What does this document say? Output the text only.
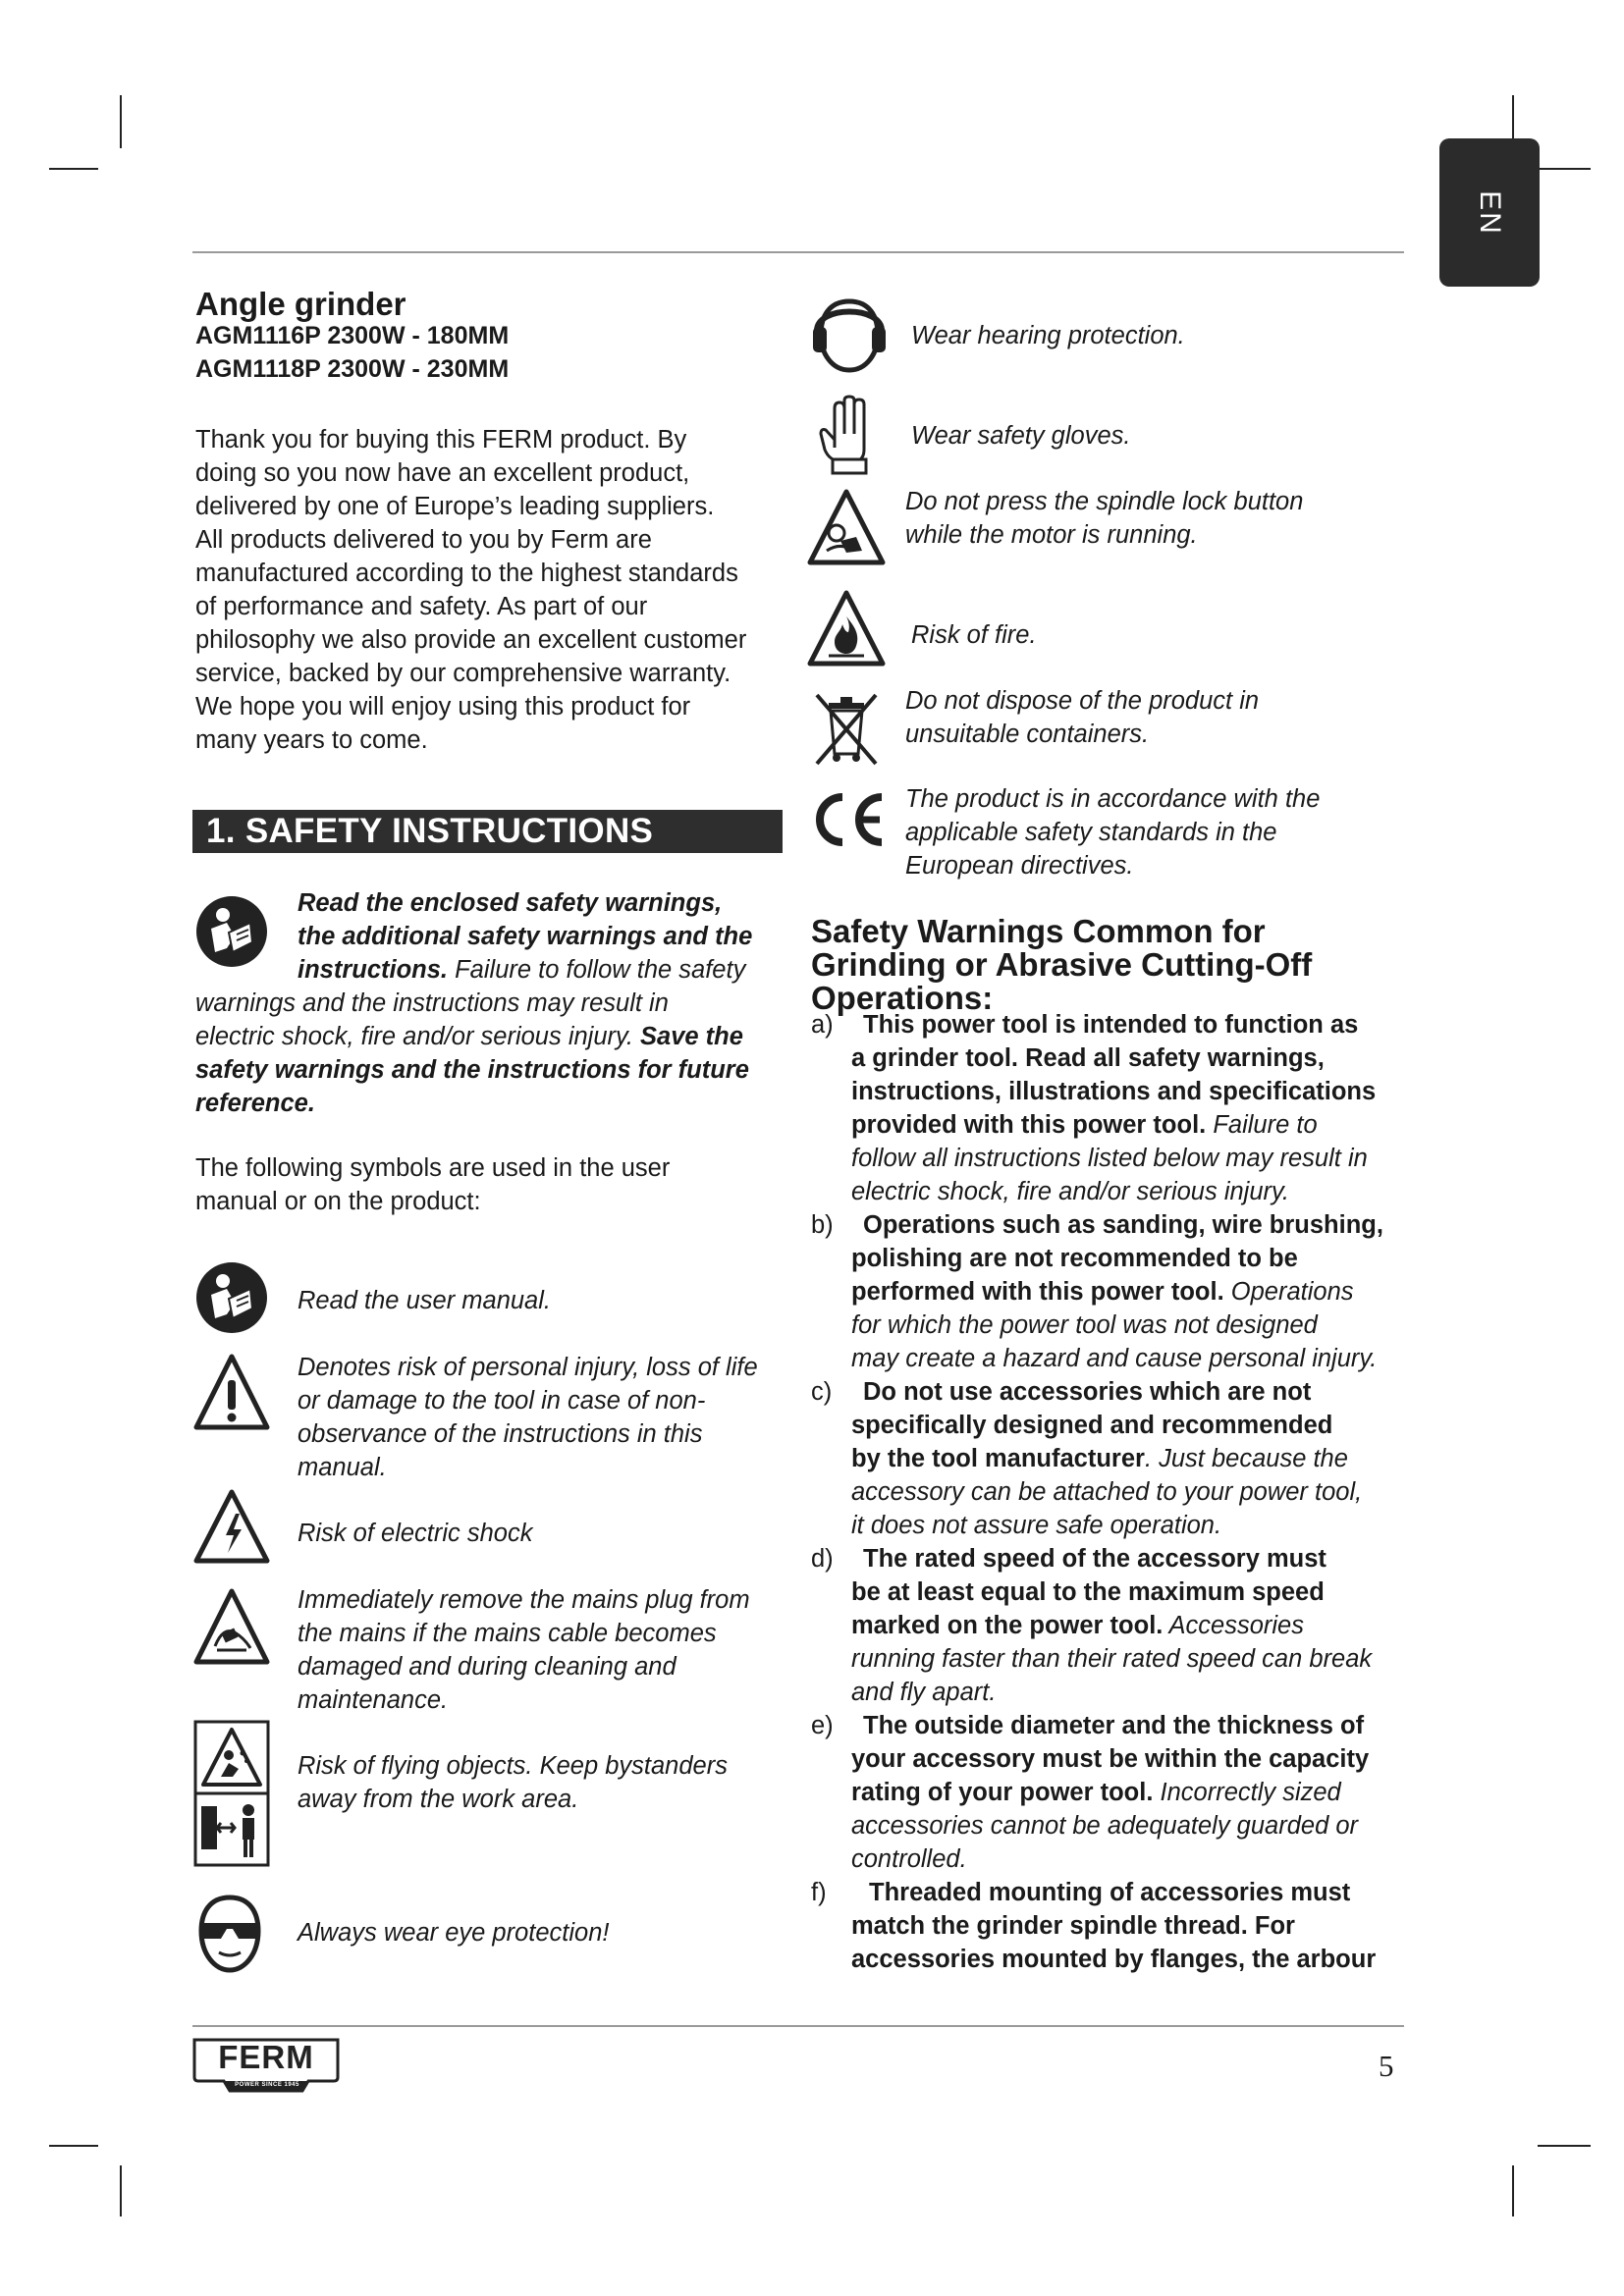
EN
Angle grinder
AGM1116P 2300W - 180MM
AGM1118P 2300W - 230MM
Thank you for buying this FERM product. By
doing so you now have an excellent product,
delivered by one of Europe’s leading suppliers.
All products delivered to you by Ferm are
manufactured according to the highest standards
of performance and safety. As part of our
philosophy we also provide an excellent customer
service, backed by our comprehensive warranty.
We hope you will enjoy using this product for
many years to come.
1. SAFETY INSTRUCTIONS
Read the enclosed safety warnings,
the additional safety warnings and the
instructions. Failure to follow the safety
warnings and the instructions may result in
electric shock, fire and/or serious injury. Save the
safety warnings and the instructions for future
reference.
The following symbols are used in the user
manual or on the product:
Read the user manual.
Denotes risk of personal injury, loss of life
or damage to the tool in case of non-
observance of the instructions in this
manual.
Risk of electric shock
Immediately remove the mains plug from
the mains if the mains cable becomes
damaged and during cleaning and
maintenance.
Risk of flying objects. Keep bystanders
away from the work area.
Always wear eye protection!
Wear hearing protection.
Wear safety gloves.
Do not press the spindle lock button
while the motor is running.
Risk of fire.
Do not dispose of the product in
unsuitable containers.
The product is in accordance with the
applicable safety standards in the
European directives.
Safety Warnings Common for
Grinding or Abrasive Cutting-Off
Operations:
a) This power tool is intended to function as
a grinder tool. Read all safety warnings,
instructions, illustrations and specifications
provided with this power tool. Failure to
follow all instructions listed below may result in
electric shock, fire and/or serious injury.
b) Operations such as sanding, wire brushing,
polishing are not recommended to be
performed with this power tool. Operations
for which the power tool was not designed
may create a hazard and cause personal injury.
c) Do not use accessories which are not
specifically designed and recommended
by the tool manufacturer. Just because the
accessory can be attached to your power tool,
it does not assure safe operation.
d) The rated speed of the accessory must
be at least equal to the maximum speed
marked on the power tool. Accessories
running faster than their rated speed can break
and fly apart.
e) The outside diameter and the thickness of
your accessory must be within the capacity
rating of your power tool. Incorrectly sized
accessories cannot be adequately guarded or
controlled.
f) Threaded mounting of accessories must
match the grinder spindle thread. For
accessories mounted by flanges, the arbour
FERM
POWER SINCE 1945
5
